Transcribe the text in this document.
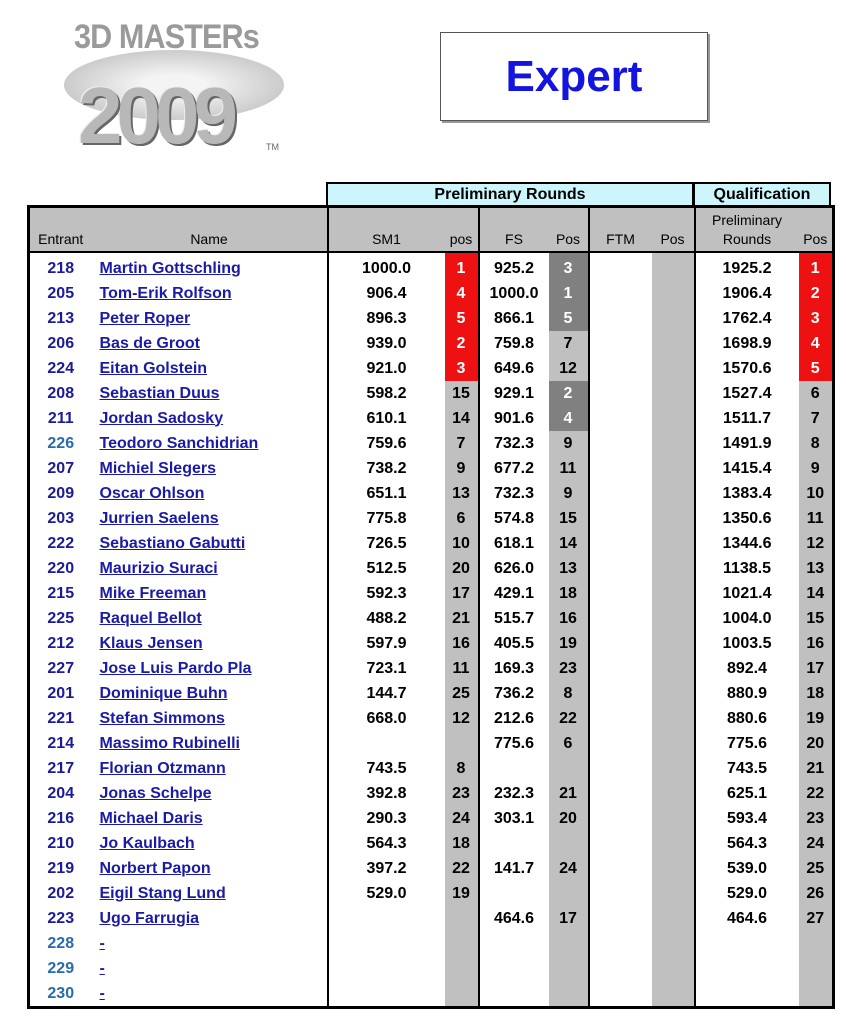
3D MASTERs
2009	TM
Expert
Preliminary Rounds	Qualification
Entrant	Name	SM1	pos	FS	Pos	FTM	Pos	Preliminary Rounds	Pos
218	Martin Gottschling	1000.0	1	925.2	3			1925.2	1
205	Tom-Erik Rolfson	906.4	4	1000.0	1			1906.4	2
213	Peter Roper	896.3	5	866.1	5			1762.4	3
206	Bas de Groot	939.0	2	759.8	7			1698.9	4
224	Eitan Golstein	921.0	3	649.6	12			1570.6	5
208	Sebastian Duus	598.2	15	929.1	2			1527.4	6
211	Jordan Sadosky	610.1	14	901.6	4			1511.7	7
226	Teodoro Sanchidrian	759.6	7	732.3	9			1491.9	8
207	Michiel Slegers	738.2	9	677.2	11			1415.4	9
209	Oscar Ohlson	651.1	13	732.3	9			1383.4	10
203	Jurrien Saelens	775.8	6	574.8	15			1350.6	11
222	Sebastiano Gabutti	726.5	10	618.1	14			1344.6	12
220	Maurizio Suraci	512.5	20	626.0	13			1138.5	13
215	Mike Freeman	592.3	17	429.1	18			1021.4	14
225	Raquel Bellot	488.2	21	515.7	16			1004.0	15
212	Klaus Jensen	597.9	16	405.5	19			1003.5	16
227	Jose Luis Pardo Pla	723.1	11	169.3	23			892.4	17
201	Dominique Buhn	144.7	25	736.2	8			880.9	18
221	Stefan Simmons	668.0	12	212.6	22			880.6	19
214	Massimo Rubinelli			775.6	6			775.6	20
217	Florian Otzmann	743.5	8					743.5	21
204	Jonas Schelpe	392.8	23	232.3	21			625.1	22
216	Michael Daris	290.3	24	303.1	20			593.4	23
210	Jo Kaulbach	564.3	18					564.3	24
219	Norbert Papon	397.2	22	141.7	24			539.0	25
202	Eigil Stang Lund	529.0	19					529.0	26
223	Ugo Farrugia			464.6	17			464.6	27
228	-								
229	-								
230	-								
